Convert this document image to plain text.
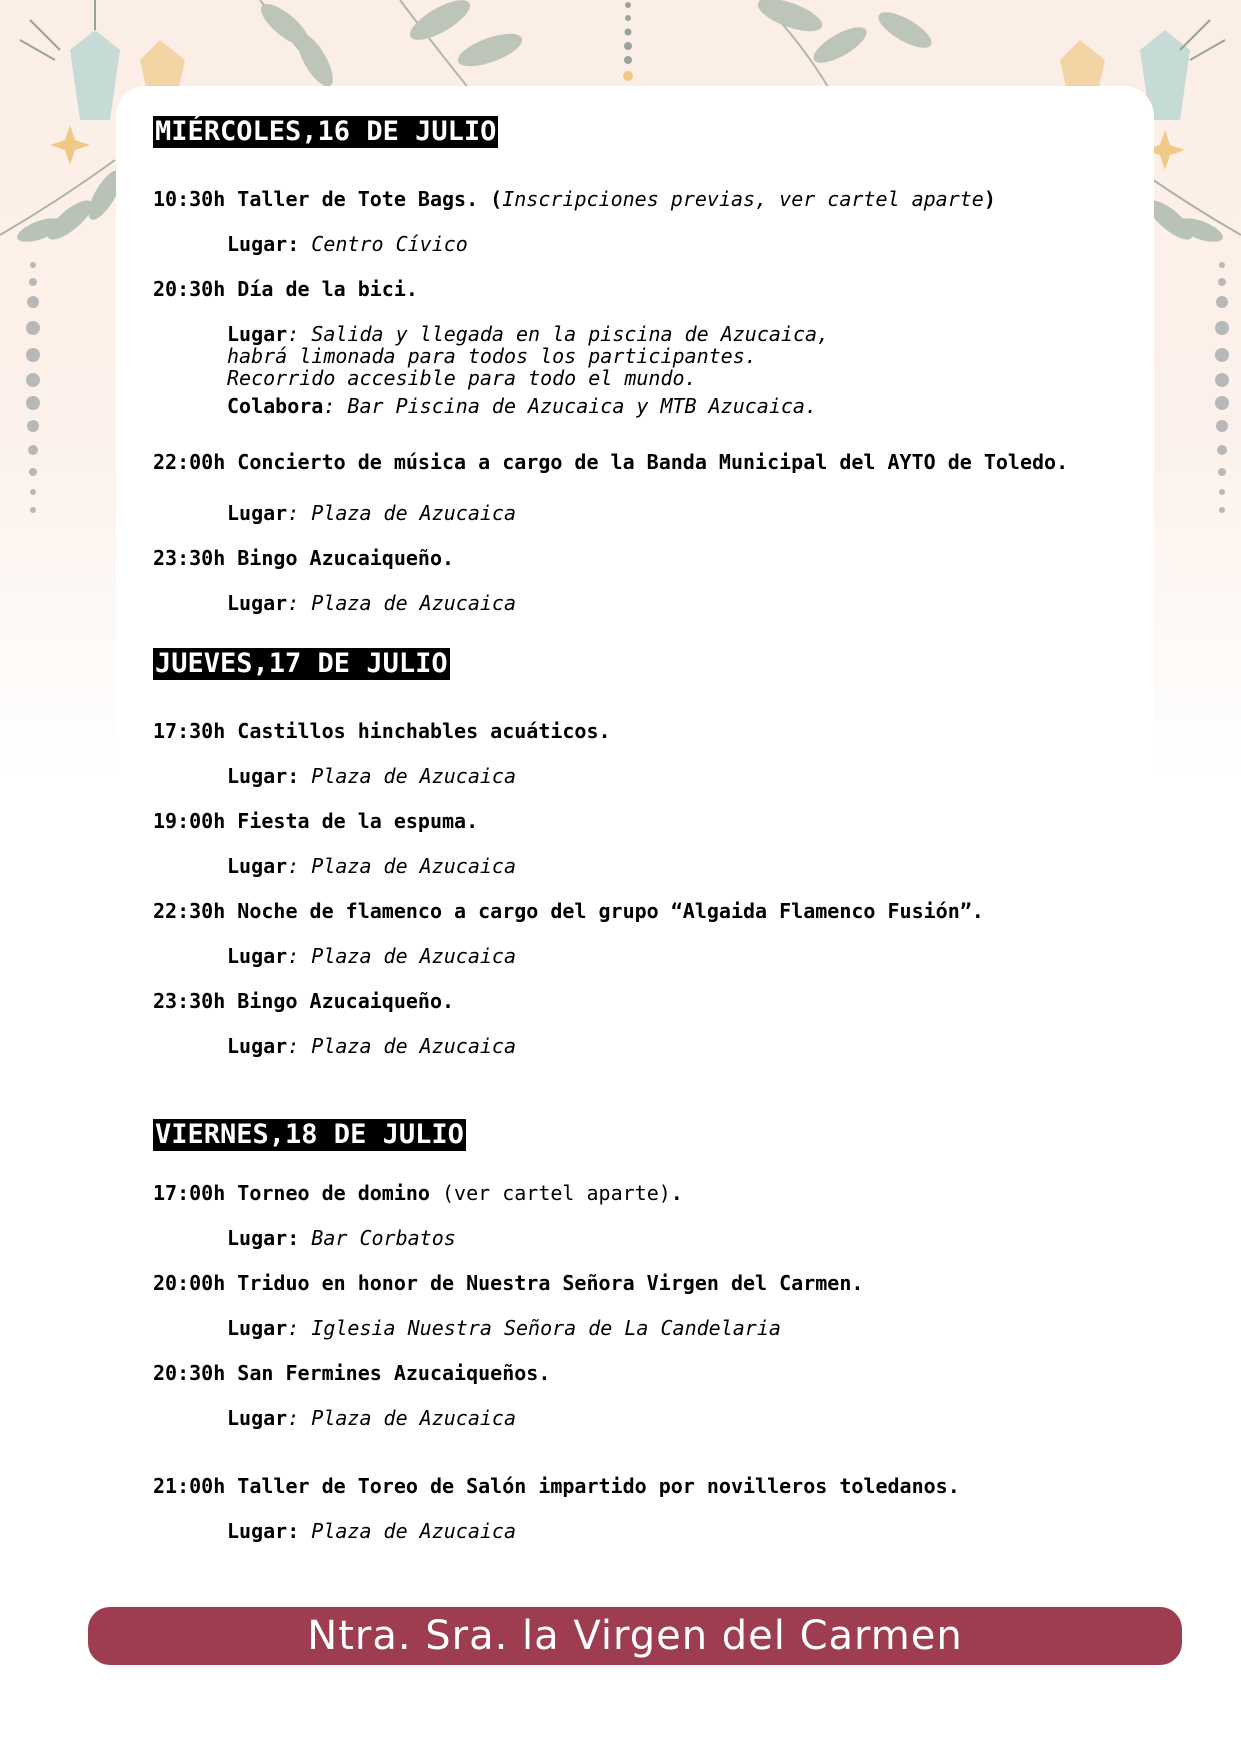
MIÉRCOLES,16 DE JULIO
10:30h Taller de Tote Bags. (Inscripciones previas, ver cartel aparte)
Lugar: Centro Cívico
20:30h Día de la bici.
Lugar: Salida y llegada en la piscina de Azucaica,
habrá limonada para todos los participantes.
Recorrido accesible para todo el mundo.
Colabora: Bar Piscina de Azucaica y MTB Azucaica.
22:00h Concierto de música a cargo de la Banda Municipal del AYTO de Toledo.
Lugar: Plaza de Azucaica
23:30h Bingo Azucaiqueño.
Lugar: Plaza de Azucaica
JUEVES,17 DE JULIO
17:30h Castillos hinchables acuáticos.
Lugar: Plaza de Azucaica
19:00h Fiesta de la espuma.
Lugar: Plaza de Azucaica
22:30h Noche de flamenco a cargo del grupo “Algaida Flamenco Fusión”.
Lugar: Plaza de Azucaica
23:30h Bingo Azucaiqueño.
Lugar: Plaza de Azucaica
VIERNES,18 DE JULIO
17:00h Torneo de domino (ver cartel aparte).
Lugar: Bar Corbatos
20:00h Triduo en honor de Nuestra Señora Virgen del Carmen.
Lugar: Iglesia Nuestra Señora de La Candelaria
20:30h San Fermines Azucaiqueños.
Lugar: Plaza de Azucaica
21:00h Taller de Toreo de Salón impartido por novilleros toledanos.
Lugar: Plaza de Azucaica
Ntra. Sra. la Virgen del Carmen
